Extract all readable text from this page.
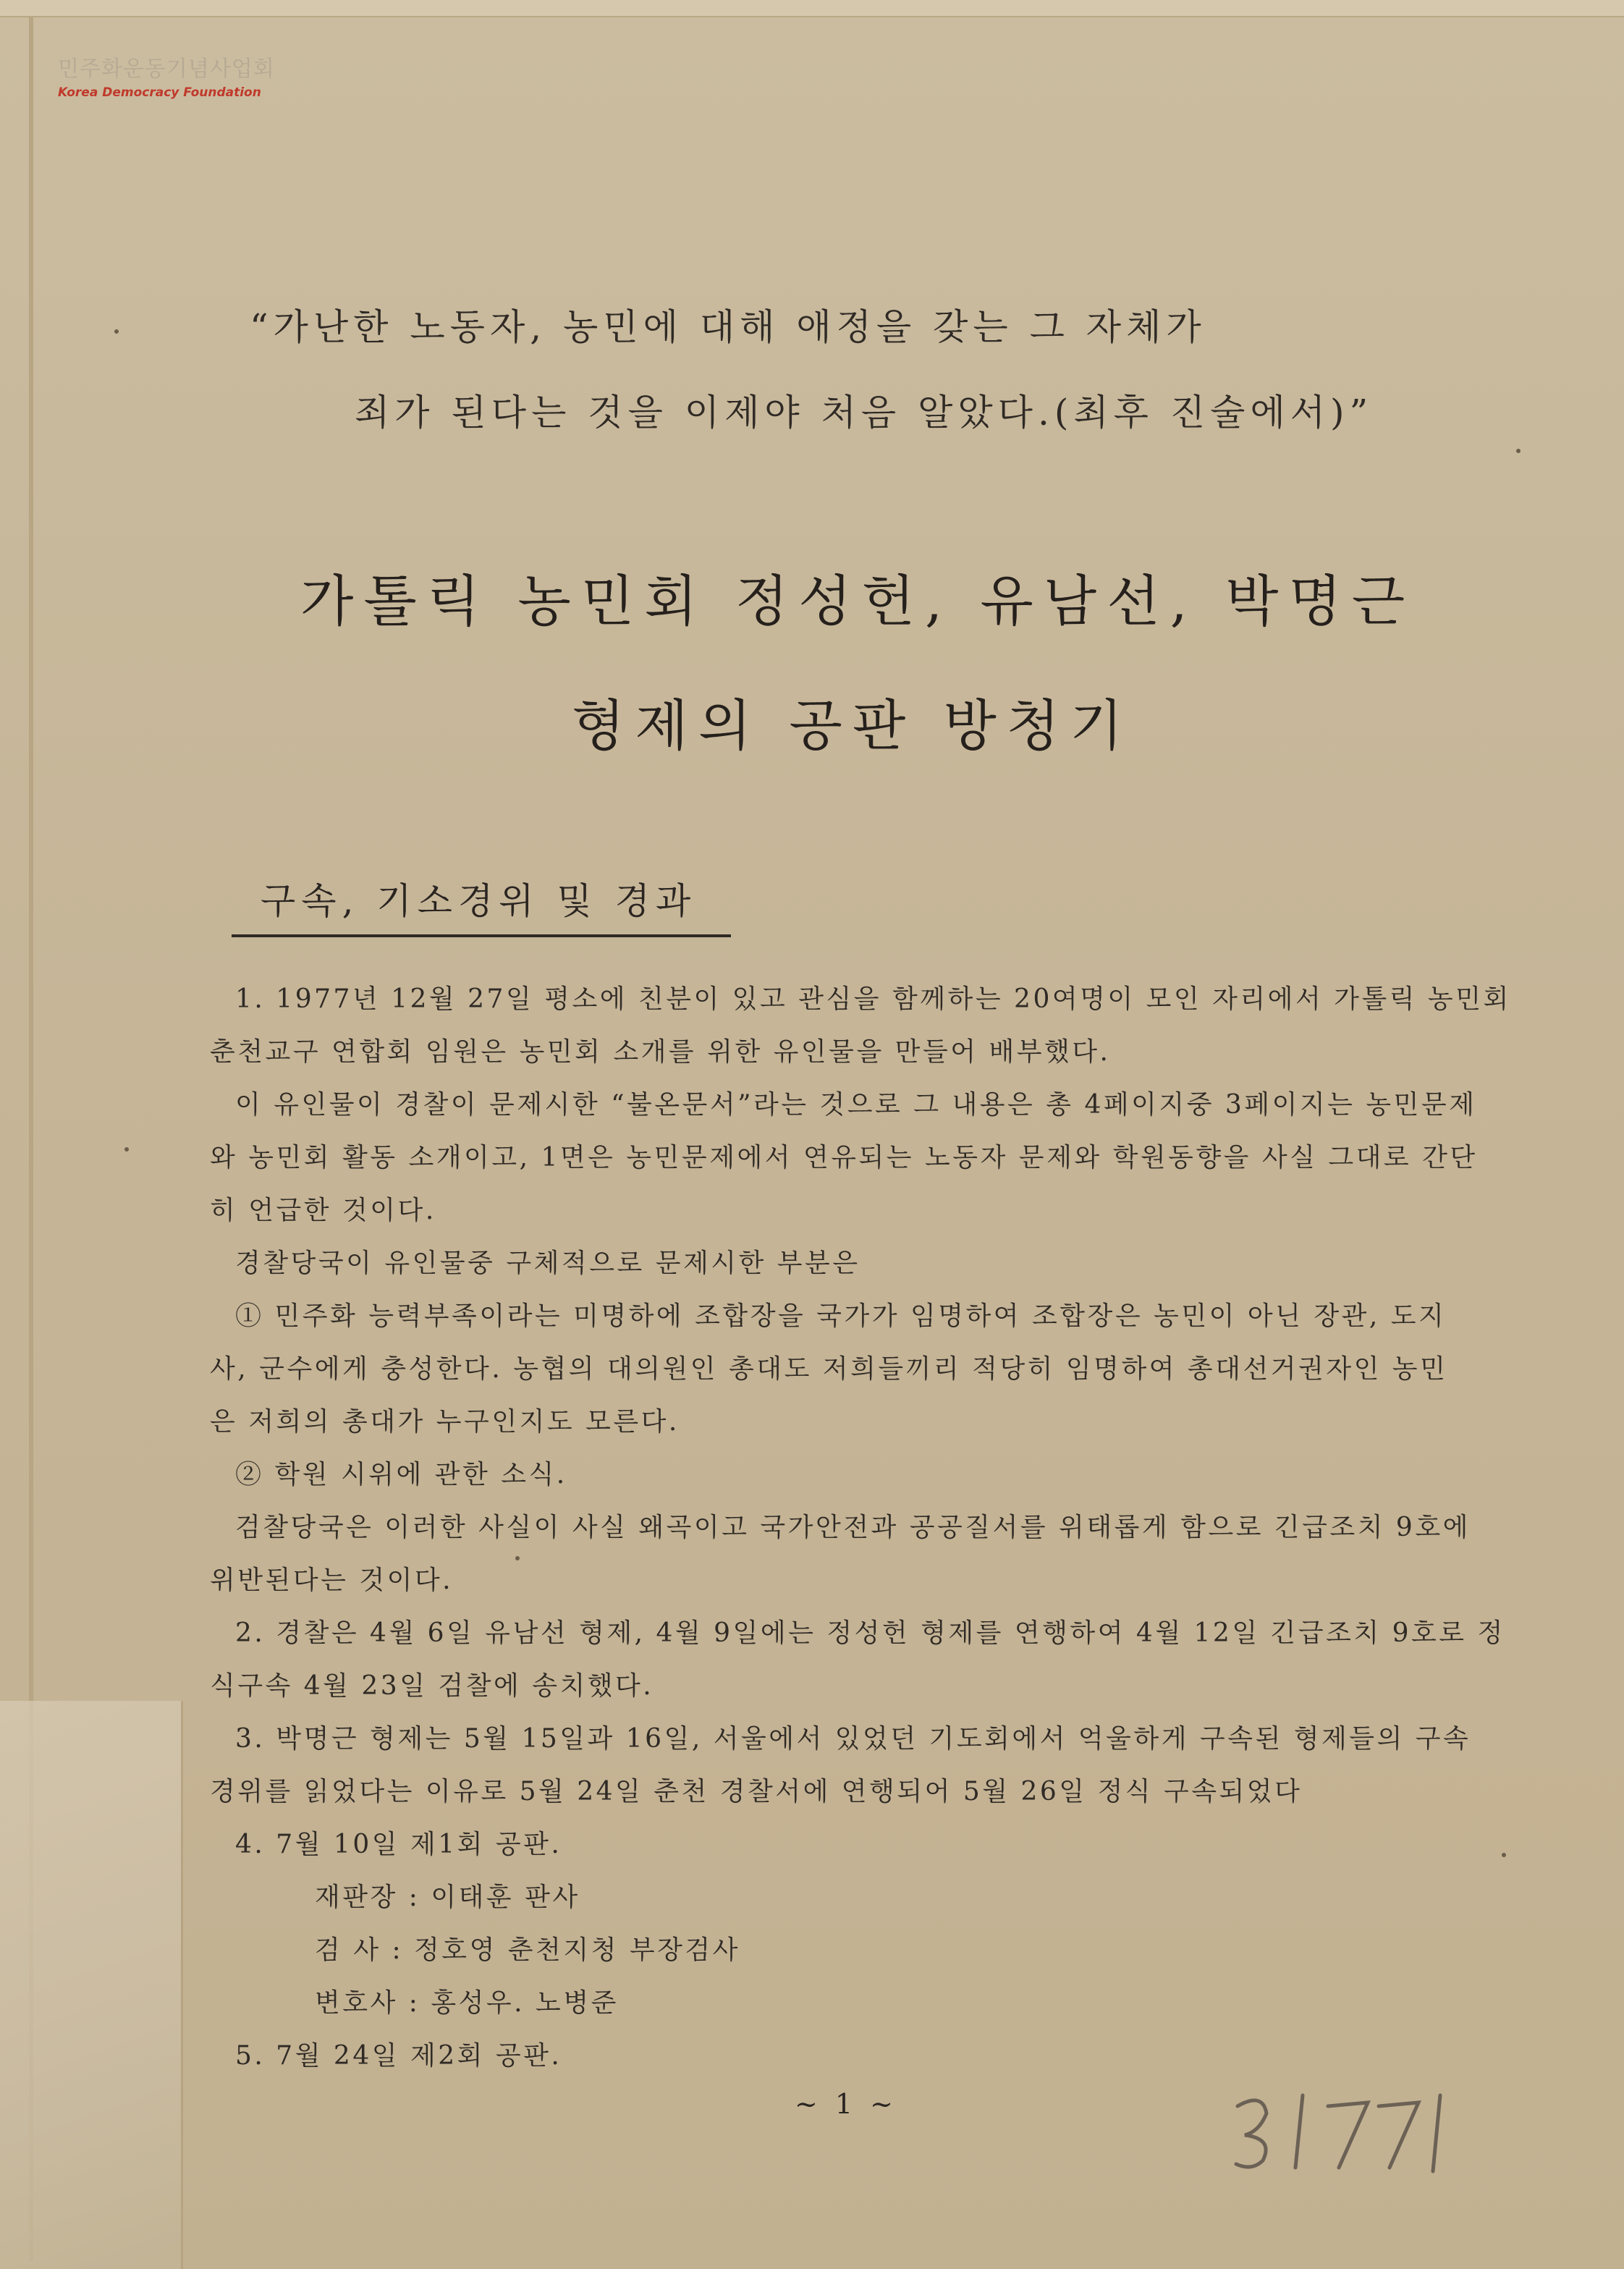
민주화운동기념사업회
Korea Democracy Foundation
“가난한 노동자, 농민에 대해 애정을 갖는 그 자체가
죄가 된다는 것을 이제야 처음 알았다.(최후 진술에서)”
가톨릭 농민회 정성헌, 유남선, 박명근
형제의 공판 방청기
구속, 기소경위 및 경과
1. 1977년 12월 27일 평소에 친분이 있고 관심을 함께하는 20여명이 모인 자리에서 가톨릭 농민회
춘천교구 연합회 임원은 농민회 소개를 위한 유인물을 만들어 배부했다.
이 유인물이 경찰이 문제시한 “불온문서”라는 것으로 그 내용은 총 4페이지중 3페이지는 농민문제
와 농민회 활동 소개이고, 1면은 농민문제에서 연유되는 노동자 문제와 학원동향을 사실 그대로 간단
히 언급한 것이다.
경찰당국이 유인물중 구체적으로 문제시한 부분은
① 민주화 능력부족이라는 미명하에 조합장을 국가가 임명하여 조합장은 농민이 아닌 장관, 도지
사, 군수에게 충성한다. 농협의 대의원인 총대도 저희들끼리 적당히 임명하여 총대선거권자인 농민
은 저희의 총대가 누구인지도 모른다.
② 학원 시위에 관한 소식.
검찰당국은 이러한 사실이 사실 왜곡이고 국가안전과 공공질서를 위태롭게 함으로 긴급조치 9호에
위반된다는 것이다.
2. 경찰은 4월 6일 유남선 형제, 4월 9일에는 정성헌 형제를 연행하여 4월 12일 긴급조치 9호로 정
식구속 4월 23일 검찰에 송치했다.
3. 박명근 형제는 5월 15일과 16일, 서울에서 있었던 기도회에서 억울하게 구속된 형제들의 구속
경위를 읽었다는 이유로 5월 24일 춘천 경찰서에 연행되어 5월 26일 정식 구속되었다
4. 7월 10일 제1회 공판.
재판장 : 이태훈 판사
검 사 : 정호영 춘천지청 부장검사
변호사 : 홍성우. 노병준
5. 7월 24일 제2회 공판.
~ 1 ~
